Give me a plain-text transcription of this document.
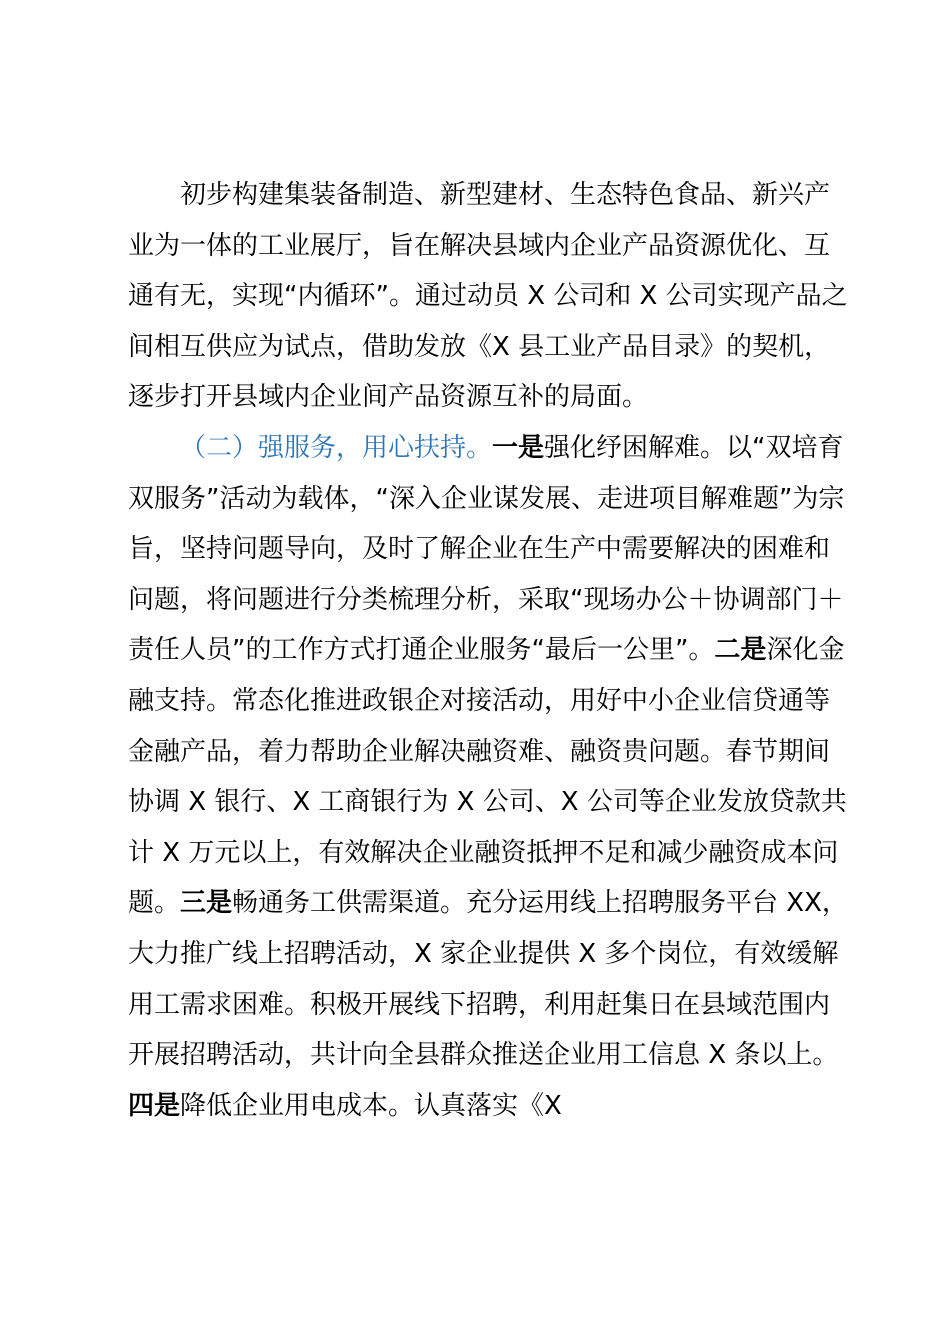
初步构建集装备制造、新型建材、生态特色食品、新兴产
业为一体的工业展厅，旨在解决县域内企业产品资源优化、互
通有无，实现“内循环”。通过动员 X 公司和 X 公司实现产品之
间相互供应为试点，借助发放《X 县工业产品目录》的契机，
逐步打开县域内企业间产品资源互补的局面。
（二）强服务，用心扶持。一是强化纾困解难。以“双培育
双服务”活动为载体，“深入企业谋发展、走进项目解难题”为宗
旨，坚持问题导向，及时了解企业在生产中需要解决的困难和
问题，将问题进行分类梳理分析，采取“现场办公＋协调部门＋
责任人员”的工作方式打通企业服务“最后一公里”。二是深化金
融支持。常态化推进政银企对接活动，用好中小企业信贷通等
金融产品，着力帮助企业解决融资难、融资贵问题。春节期间
协调 X 银行、X 工商银行为 X 公司、X 公司等企业发放贷款共
计 X 万元以上，有效解决企业融资抵押不足和减少融资成本问
题。三是畅通务工供需渠道。充分运用线上招聘服务平台 XX，
大力推广线上招聘活动，X 家企业提供 X 多个岗位，有效缓解
用工需求困难。积极开展线下招聘，利用赶集日在县域范围内
开展招聘活动，共计向全县群众推送企业用工信息 X 条以上。
四是降低企业用电成本。认真落实《X
